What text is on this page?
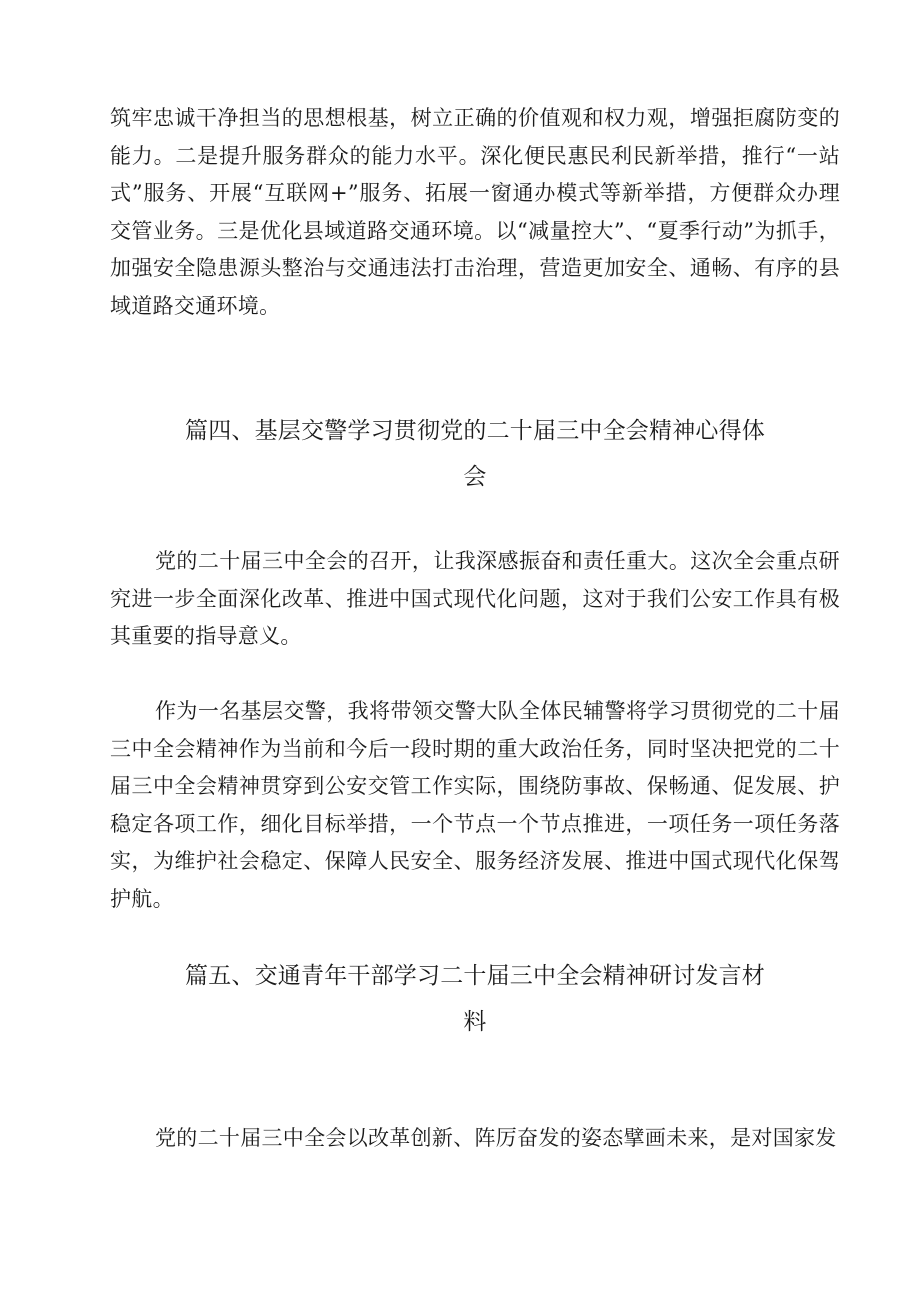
筑牢忠诚干净担当的思想根基，树立正确的价值观和权力观，增强拒腐防变的能力。二是提升服务群众的能力水平。深化便民惠民利民新举措，推行“一站式”服务、开展“互联网+”服务、拓展一窗通办模式等新举措，方便群众办理交管业务。三是优化县域道路交通环境。以“减量控大”、“夏季行动”为抓手，加强安全隐患源头整治与交通违法打击治理，营造更加安全、通畅、有序的县域道路交通环境。

篇四、基层交警学习贯彻党的二十届三中全会精神心得体
会

党的二十届三中全会的召开，让我深感振奋和责任重大。这次全会重点研究进一步全面深化改革、推进中国式现代化问题，这对于我们公安工作具有极其重要的指导意义。

作为一名基层交警，我将带领交警大队全体民辅警将学习贯彻党的二十届三中全会精神作为当前和今后一段时期的重大政治任务，同时坚决把党的二十届三中全会精神贯穿到公安交管工作实际，围绕防事故、保畅通、促发展、护稳定各项工作，细化目标举措，一个节点一个节点推进，一项任务一项任务落实，为维护社会稳定、保障人民安全、服务经济发展、推进中国式现代化保驾护航。

篇五、交通青年干部学习二十届三中全会精神研讨发言材
料

党的二十届三中全会以改革创新、阵厉奋发的姿态擘画未来，是对国家发
